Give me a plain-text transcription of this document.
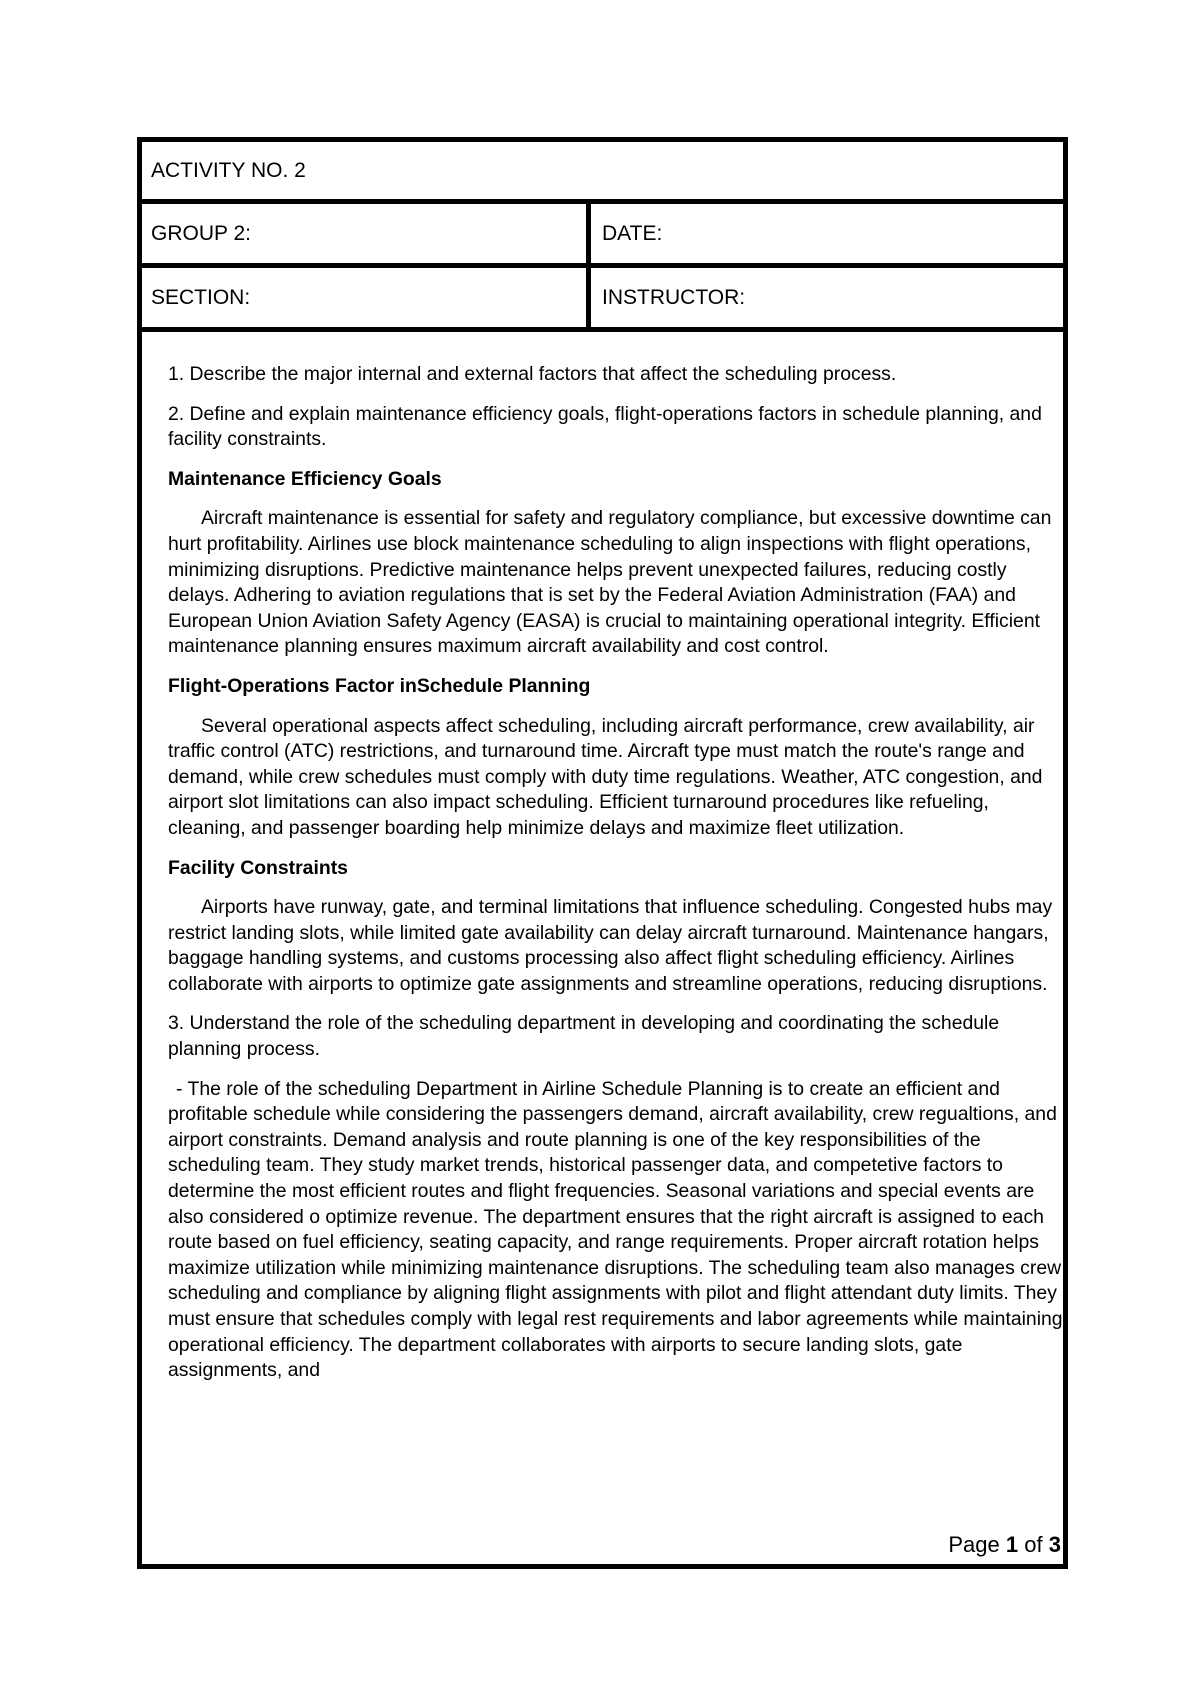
ACTIVITY NO. 2
GROUP 2:	DATE:
SECTION:	INSTRUCTOR:

1. Describe the major internal and external factors that affect the scheduling process.

2. Define and explain maintenance efficiency goals, flight-operations factors in schedule planning, and facility constraints.

Maintenance Efficiency Goals

Aircraft maintenance is essential for safety and regulatory compliance, but excessive downtime can hurt profitability. Airlines use block maintenance scheduling to align inspections with flight operations, minimizing disruptions. Predictive maintenance helps prevent unexpected failures, reducing costly delays. Adhering to aviation regulations that is set by the Federal Aviation Administration (FAA) and European Union Aviation Safety Agency (EASA) is crucial to maintaining operational integrity. Efficient maintenance planning ensures maximum aircraft availability and cost control.

Flight-Operations Factor inSchedule Planning

Several operational aspects affect scheduling, including aircraft performance, crew availability, air traffic control (ATC) restrictions, and turnaround time. Aircraft type must match the route's range and demand, while crew schedules must comply with duty time regulations. Weather, ATC congestion, and airport slot limitations can also impact scheduling. Efficient turnaround procedures like refueling, cleaning, and passenger boarding help minimize delays and maximize fleet utilization.

Facility Constraints

Airports have runway, gate, and terminal limitations that influence scheduling. Congested hubs may restrict landing slots, while limited gate availability can delay aircraft turnaround. Maintenance hangars, baggage handling systems, and customs processing also affect flight scheduling efficiency. Airlines collaborate with airports to optimize gate assignments and streamline operations, reducing disruptions.

3. Understand the role of the scheduling department in developing and coordinating the schedule planning process.

- The role of the scheduling Department in Airline Schedule Planning is to create an efficient and profitable schedule while considering the passengers demand, aircraft availability, crew regualtions, and airport constraints. Demand analysis and route planning is one of the key responsibilities of the scheduling team. They study market trends, historical passenger data, and competetive factors to determine the most efficient routes and flight frequencies. Seasonal variations and special events are also considered o optimize revenue. The department ensures that the right aircraft is assigned to each route based on fuel efficiency, seating capacity, and range requirements. Proper aircraft rotation helps maximize utilization while minimizing maintenance disruptions. The scheduling team also manages crew scheduling and compliance by aligning flight assignments with pilot and flight attendant duty limits. They must ensure that schedules comply with legal rest requirements and labor agreements while maintaining operational efficiency. The department collaborates with airports to secure landing slots, gate assignments, and

Page 1 of 3
